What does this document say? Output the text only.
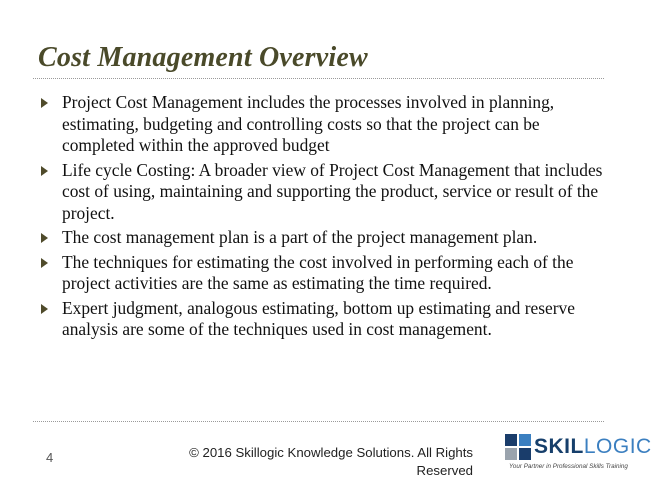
Cost Management Overview
Project Cost Management includes the processes involved in planning, estimating, budgeting and controlling costs so that the project can be completed within the approved budget
Life cycle Costing: A broader view of Project Cost Management that includes cost of using, maintaining and supporting the product, service or result of the project.
The cost management plan is a part of the project management plan.
The techniques for estimating the cost involved in performing each of the project activities are the same as estimating the time required.
Expert judgment, analogous estimating, bottom up estimating and reserve analysis are some of the techniques used in cost management.
4	© 2016 Skillogic Knowledge Solutions. All Rights Reserved
SKILLOGIC
Your Partner in Professional Skills Training
